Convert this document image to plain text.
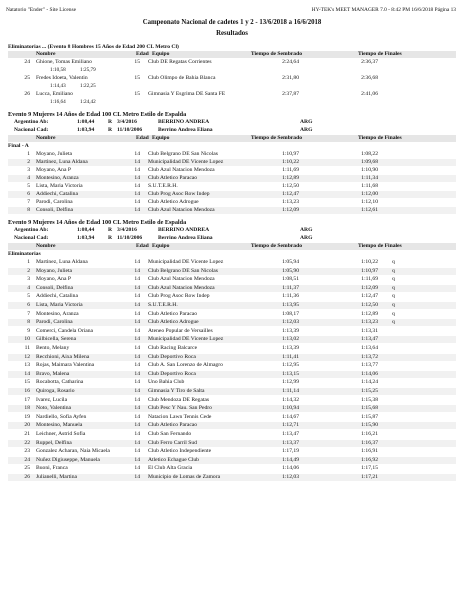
Natatorio "Ender" - Site License	HY-TEK's MEET MANAGER 7.0 - 8:42 PM 16/6/2018 Página 13
Campeonato Nacional de cadetes 1 y 2 - 13/6/2018 a 16/6/2018
Resultados
Eliminatorias ... (Evento 8 Hombres 15 Años de Edad 200 CL Metro Cl)
Nombre	Edad Equipo	Tiempo de Sembrado	Tiempo de Finales
24 Ghione, Tomas Emiliano	15 Club DE Regatas Corrientes	2:24,64	2:36,37
1:10,58	1:25,79
25 Fredes Idoeta, Valentin	15 Club Olimpo de Bahia Blanca	2:31,80	2:36,68
1:14,43	1:22,25
26 Lucca, Emiliano	15 Gimnasia Y Esgrima DE Santa FE	2:37,87	2:41,06
1:16,64	1:24,42
Evento 9 Mujeres 14 Años de Edad 100 CL Metro Estilo de Espalda
Argentino Ab:	1:08,44 R 3/4/2016	BERRINO ANDREA	ARG
Nacional Cad:	1:03,94 R 11/10/2006	Berrino Andrea Eliana	ARG
Nombre	Edad Equipo	Tiempo de Sembrado	Tiempo de Finales
Final - A
1 Moyano, Julieta	14 Club Belgrano DE San Nicolas	1:10,97	1:08,22
2 Martinez, Luna Aldana	14 Municipalidad DE Vicente Lopez	1:10,22	1:09,68
3 Moyano, Ana P	14 Club Azul Natacion Mendoza	1:11,69	1:10,90
4 Montesino, Aranza	14 Club Atletico Paracao	1:12,89	1:11,34
5 Lista, Maria Victoria	14 S.U.T.E.R.H.	1:12,50	1:11,68
6 Addiechi, Catalina	14 Club Prog Asoc Row Indep	1:12,47	1:12,00
7 Parodi, Carolina	14 Club Atletico Adrogue	1:13,23	1:12,10
8 Consoli, Delfina	14 Club Azul Natacion Mendoza	1:12,09	1:12,61
Evento 9 Mujeres 14 Años de Edad 100 CL Metro Estilo de Espalda
Argentino Ab:	1:08,44 R 3/4/2016	BERRINO ANDREA	ARG
Nacional Cad:	1:03,94 R 11/10/2006	Berrino Andrea Eliana	ARG
Nombre	Edad Equipo	Tiempo de Sembrado	Tiempo de Finales
Eliminatorias
1 Martinez, Luna Aldana	14 Municipalidad DE Vicente Lopez	1:05,94	1:10,22	q
2 Moyano, Julieta	14 Club Belgrano DE San Nicolas	1:05,90	1:10,97	q
3 Moyano, Ana P	14 Club Azul Natacion Mendoza	1:08,51	1:11,69	q
4 Consoli, Delfina	14 Club Azul Natacion Mendoza	1:11,37	1:12,09	q
5 Addiechi, Catalina	14 Club Prog Asoc Row Indep	1:11,36	1:12,47	q
6 Lista, Maria Victoria	14 S.U.T.E.R.H.	1:13,95	1:12,50	q
7 Montesino, Aranza	14 Club Atletico Paracao	1:08,17	1:12,89	q
8 Parodi, Carolina	14 Club Atletico Adrogue	1:12,03	1:13,23	q
9 Comerci, Candela Oriana	14 Ateneo Popular de Versailles	1:13,39	1:13,31
10 Gilbicella, Serena	14 Municipalidad DE Vicente Lopez	1:13,02	1:13,47
11 Bento, Melany	14 Club Racing Balcarce	1:13,39	1:13,64
12 Recchioni, Aixa Milena	14 Club Deportivo Roca	1:11,41	1:13,72
13 Rojas, Maimara Valentina	14 Club A. San Lorenzo de Almagro	1:12,95	1:13,77
14 Bravo, Malena	14 Club Deportivo Roca	1:13,15	1:14,06
15 Rocabotta, Catharina	14 Uno Bahia Club	1:12,99	1:14,24
16 Quiroga, Rosario	14 Gimnasia Y Tiro de Salta	1:11,14	1:15,25
17 Ivarez, Lucila	14 Club Mendoza DE Regatas	1:14,32	1:15,38
18 Noto, Valentina	14 Club Pesc Y Nau. San Pedro	1:10,94	1:15,68
19 Nardiello, Sofia Ayfen	14 Natacion Lawn Tennis Cede	1:14,67	1:15,87
20 Montesino, Manuela	14 Club Atletico Paracao	1:12,71	1:15,90
21 Leichner, Astrid Sofia	14 Club San Fernando	1:13,47	1:16,21
22 Ruppel, Delfina	14 Club Ferro Carril Sud	1:13,37	1:16,37
23 Gonzalez Acharan, Naia Micaela	14 Club Atletico Independiente	1:17,19	1:16,91
24 Nuñez Digiuseppe, Manuela	14 Atletico Echague Club	1:14,49	1:16,92
25 Buoni, Franca	14 El Club Alta Gracia	1:14,06	1:17,15
26 Julianelli, Martina	14 Municipio de Lomas de Zamora	1:12,03	1:17,21
